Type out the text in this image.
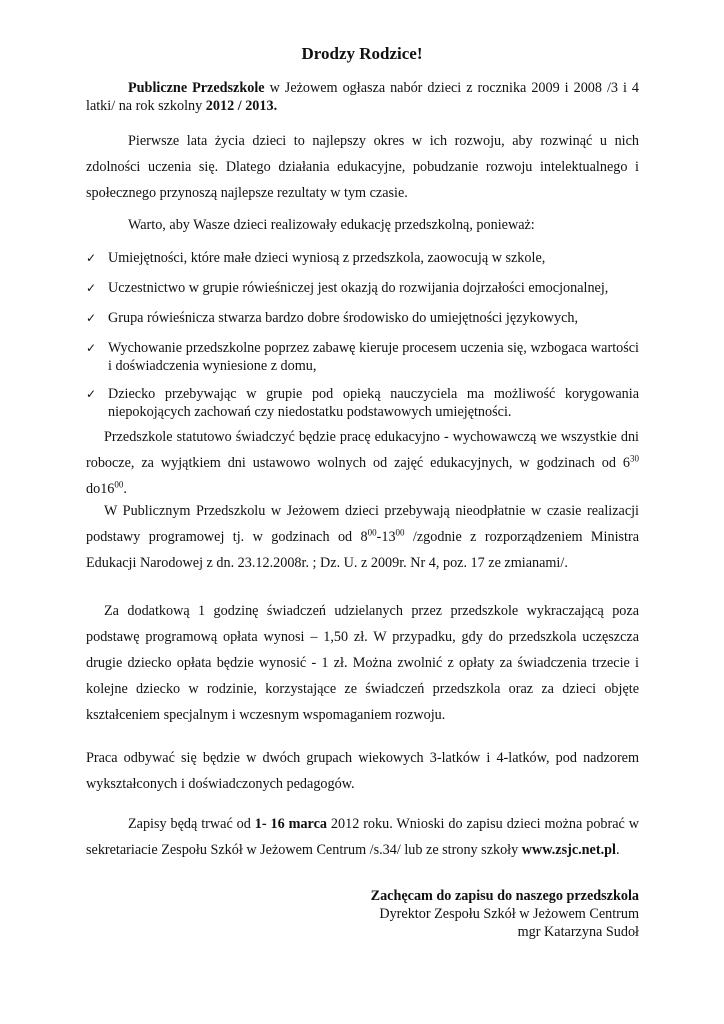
Drodzy Rodzice!
Publiczne Przedszkole w Jeżowem ogłasza nabór dzieci z rocznika 2009 i 2008 /3 i 4 latki/ na rok szkolny 2012 / 2013.
Pierwsze lata życia dzieci to najlepszy okres w ich rozwoju, aby rozwinąć u nich zdolności uczenia się. Dlatego działania edukacyjne, pobudzanie rozwoju intelektualnego i społecznego przynoszą najlepsze rezultaty w tym czasie.
Warto, aby Wasze dzieci realizowały edukację przedszkolną, ponieważ:
✓ Umiejętności, które małe dzieci wyniosą z przedszkola, zaowocują w szkole,
✓ Uczestnictwo w grupie rówieśniczej jest okazją do rozwijania dojrzałości emocjonalnej,
✓ Grupa rówieśnicza stwarza bardzo dobre środowisko do umiejętności językowych,
✓ Wychowanie przedszkolne poprzez zabawę kieruje procesem uczenia się, wzbogaca wartości i doświadczenia wyniesione z domu,
✓ Dziecko przebywając w grupie pod opieką nauczyciela ma możliwość korygowania niepokojących zachowań czy niedostatku podstawowych umiejętności.
Przedszkole statutowo świadczyć będzie pracę edukacyjno - wychowawczą we wszystkie dni robocze, za wyjątkiem dni ustawowo wolnych od zajęć edukacyjnych, w godzinach od $6^{30}$ $do16^{00}$.
W Publicznym Przedszkolu w Jeżowem dzieci przebywają nieodpłatnie w czasie realizacji podstawy programowej tj. w godzinach od $8^{00}-13^{00}$ /zgodnie z rozporządzeniem Ministra Edukacji Narodowej z dn. 23.12.2008r. ; Dz. U. z 2009r. Nr 4, poz. 17 ze zmianami/.
Za dodatkową 1 godzinę świadczeń udzielanych przez przedszkole wykraczającą poza podstawę programową opłata wynosi – 1,50 zł. W przypadku, gdy do przedszkola uczęszcza drugie dziecko opłata będzie wynosić - 1 zł. Można zwolnić z opłaty za świadczenia trzecie i kolejne dziecko w rodzinie, korzystające ze świadczeń przedszkola oraz za dzieci objęte kształceniem specjalnym i wczesnym wspomaganiem rozwoju.
Praca odbywać się będzie w dwóch grupach wiekowych 3-latków i 4-latków, pod nadzorem wykształconych i doświadczonych pedagogów.
Zapisy będą trwać od 1- 16 marca 2012 roku. Wnioski do zapisu dzieci można pobrać w sekretariacie Zespołu Szkół w Jeżowem Centrum /s.34/ lub ze strony szkoły www.zsjc.net.pl.
Zachęcam do zapisu do naszego przedszkola
Dyrektor Zespołu Szkół w Jeżowem Centrum
mgr Katarzyna Sudoł
